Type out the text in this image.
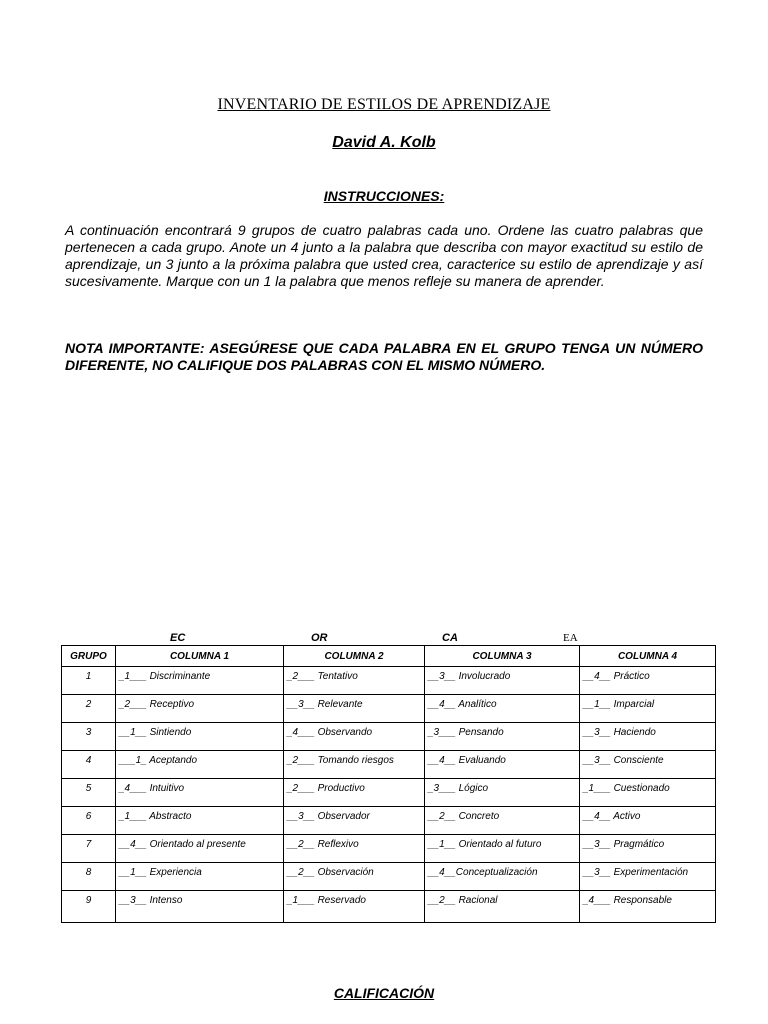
INVENTARIO DE ESTILOS DE APRENDIZAJE
David A. Kolb
INSTRUCCIONES:
A continuación encontrará 9 grupos de cuatro palabras cada uno. Ordene las cuatro palabras que pertenecen a cada grupo. Anote un 4 junto a la palabra que describa con mayor exactitud su estilo de aprendizaje, un 3 junto a la próxima palabra que usted crea, caracterice su estilo de aprendizaje y así sucesivamente. Marque con un 1 la palabra que menos refleje su manera de aprender.
NOTA IMPORTANTE: ASEGÚRESE QUE CADA PALABRA EN EL GRUPO TENGA UN NÚMERO DIFERENTE, NO CALIFIQUE DOS PALABRAS CON EL MISMO NÚMERO.
EC	OR	CA	EA
GRUPO	COLUMNA 1	COLUMNA 2	COLUMNA 3	COLUMNA 4
1	_1___ Discriminante	_2___ Tentativo	__3__ Involucrado	__4__ Práctico
2	_2___ Receptivo	__3__ Relevante	__4__ Analítico	__1__ Imparcial
3	__1__ Sintiendo	_4___ Observando	_3___ Pensando	__3__ Haciendo
4	___1_ Aceptando	_2___ Tomando riesgos	__4__ Evaluando	__3__ Consciente
5	_4___ Intuitivo	_2___ Productivo	_3___ Lógico	_1___ Cuestionado
6	_1___ Abstracto	__3__ Observador	__2__ Concreto	__4__ Activo
7	__4__ Orientado al presente	__2__ Reflexivo	__1__ Orientado al futuro	__3__ Pragmático
8	__1__ Experiencia	__2__ Observación	__4__Conceptualización	__3__ Experimentación
9	__3__ Intenso	_1___ Reservado	__2__ Racional	_4___ Responsable
CALIFICACIÓN
